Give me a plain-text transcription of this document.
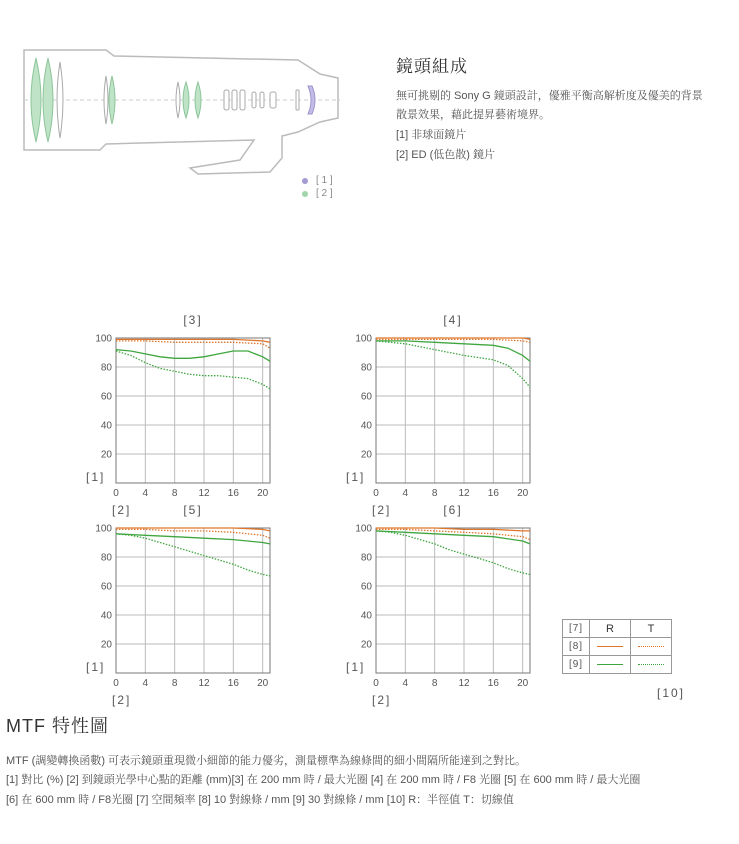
[ 1 ]
[ 2 ]
鏡頭組成
無可挑剔的 Sony G 鏡頭設計，優雅平衡高解析度及優美的背景
散景效果，藉此提昇藝術境界。
[1] 非球面鏡片
[2] ED (低色散) 鏡片
[3]
0 4 8 12 16 20
20
40
60
80
100
[1]
[2]
[4]
0 4 8 12 16 20
20
40
60
80
100
[1]
[2]
[5]
0 4 8 12 16 20
20
40
60
80
100
[1]
[2]
[6]
0 4 8 12 16 20
20
40
60
80
100
[1]
[2]
[7]	R	T
[8]		
[9]		
[10]
MTF 特性圖
MTF (調變轉換函數) 可表示鏡頭重現微小細節的能力優劣，測量標準為線條間的細小間隔所能達到之對比。
[1] 對比 (%) [2] 到鏡頭光學中心點的距離 (mm)[3] 在 200 mm 時 / 最大光圈 [4] 在 200 mm 時 / F8 光圈 [5] 在 600 mm 時 / 最大光圈
[6] 在 600 mm 時 / F8光圈 [7] 空間頻率 [8] 10 對線條 / mm [9] 30 對線條 / mm [10] R：半徑值 T：切線值
